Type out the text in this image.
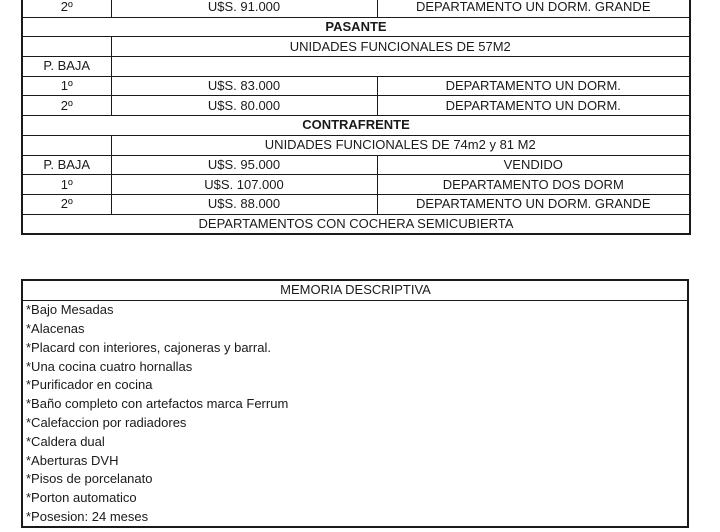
2º	U$S. 91.000	DEPARTAMENTO UN DORM. GRANDE
PASANTE		
	UNIDADES FUNCIONALES DE 57M2	
P. BAJA		
1º	U$S. 83.000	DEPARTAMENTO UN DORM.
2º	U$S. 80.000	DEPARTAMENTO UN DORM.
CONTRAFRENTE		
	UNIDADES FUNCIONALES DE 74m2 y 81 M2	
P. BAJA	U$S. 95.000	VENDIDO
1º	U$S. 107.000	DEPARTAMENTO DOS DORM
2º	U$S. 88.000	DEPARTAMENTO UN DORM. GRANDE
DEPARTAMENTOS CON COCHERA SEMICUBIERTA		
MEMORIA DESCRIPTIVA
*Bajo Mesadas
*Alacenas
*Placard con interiores, cajoneras y barral.
*Una cocina cuatro hornallas
*Purificador en cocina
*Baño completo con artefactos marca Ferrum
*Calefaccion por radiadores
*Caldera dual
*Aberturas DVH
*Pisos de porcelanato
*Porton automatico
*Posesion: 24 meses
